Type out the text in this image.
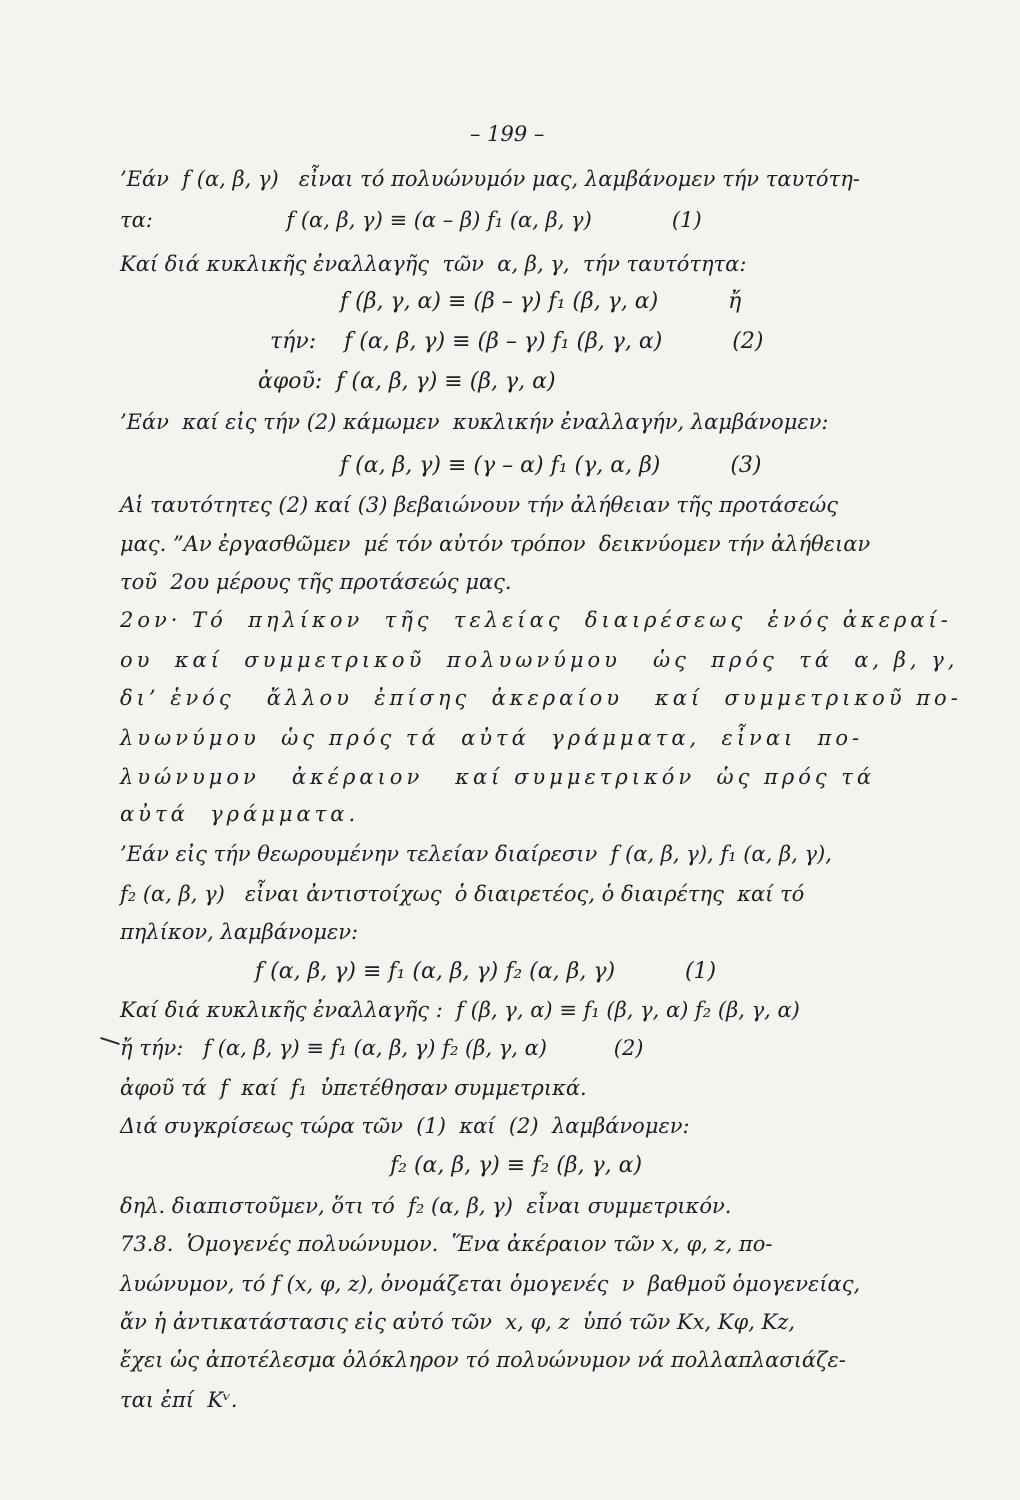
– 199 –
’Εάν  f (α, β, γ)   εἶναι τό πολυώνυμόν μας, λαμβάνομεν τήν ταυτότη-
τα:                    f (α, β, γ) ≡ (α – β) f₁ (α, β, γ)            (1)
Καί διά κυκλικῆς ἐναλλαγῆς  τῶν  α, β, γ,  τήν ταυτότητα:
f (β, γ, α) ≡ (β – γ) f₁ (β, γ, α)          ἤ
τήν:    f (α, β, γ) ≡ (β – γ) f₁ (β, γ, α)          (2)
ἀφοῦ:  f (α, β, γ) ≡ (β, γ, α)
’Εάν  καί εἰς τήν (2) κάμωμεν  κυκλικήν ἐναλλαγήν, λαμβάνομεν:
f (α, β, γ) ≡ (γ – α) f₁ (γ, α, β)          (3)
Αἱ ταυτότητες (2) καί (3) βεβαιώνουν τήν ἀλήθειαν τῆς προτάσεώς
μας. ”Αν ἐργασθῶμεν  μέ τόν αὐτόν τρόπον  δεικνύομεν τήν ἀλήθειαν
τοῦ  2ου μέρους τῆς προτάσεώς μας.
2ον· Τό  πηλίκον  τῆς  τελείας  διαιρέσεως  ἑνός ἀκεραί-
ου  καί  συμμετρικοῦ  πολυωνύμου   ὡς  πρός  τά  α, β, γ,
δι’ ἑνός   ἄλλου  ἐπίσης  ἀκεραίου   καί  συμμετρικοῦ πο-
λυωνύμου  ὡς πρός τά  αὐτά  γράμματα,  εἶναι  πο-
λυώνυμον   ἀκέραιον   καί συμμετρικόν  ὡς πρός τά
αὐτά  γράμματα.
’Εάν εἰς τήν θεωρουμένην τελείαν διαίρεσιν  f (α, β, γ), f₁ (α, β, γ),
f₂ (α, β, γ)   εἶναι ἀντιστοίχως  ὁ διαιρετέος, ὁ διαιρέτης  καί τό
πηλίκον, λαμβάνομεν:
f (α, β, γ) ≡ f₁ (α, β, γ) f₂ (α, β, γ)          (1)
Καί διά κυκλικῆς ἐναλλαγῆς :  f (β, γ, α) ≡ f₁ (β, γ, α) f₂ (β, γ, α)
ἤ τήν:   f (α, β, γ) ≡ f₁ (α, β, γ) f₂ (β, γ, α)          (2)
ἀφοῦ τά  f  καί  f₁  ὑπετέθησαν συμμετρικά.
Διά συγκρίσεως τώρα τῶν  (1)  καί  (2)  λαμβάνομεν:
f₂ (α, β, γ) ≡ f₂ (β, γ, α)
δηλ. διαπιστοῦμεν, ὅτι τό  f₂ (α, β, γ)  εἶναι συμμετρικόν.
73.8.  Ὁμογενές πολυώνυμον.  Ἕνα ἀκέραιον τῶν x, φ, z, πο-
λυώνυμον, τό f (x, φ, z), ὀνομάζεται ὁμογενές  ν  βαθμοῦ ὁμογενείας,
ἄν ἡ ἀντικατάστασις εἰς αὐτό τῶν  x, φ, z  ὑπό τῶν Kx, Kφ, Kz,
ἔχει ὡς ἀποτέλεσμα ὁλόκληρον τό πολυώνυμον νά πολλαπλασιάζε-
ται ἐπί  Kᵛ.
